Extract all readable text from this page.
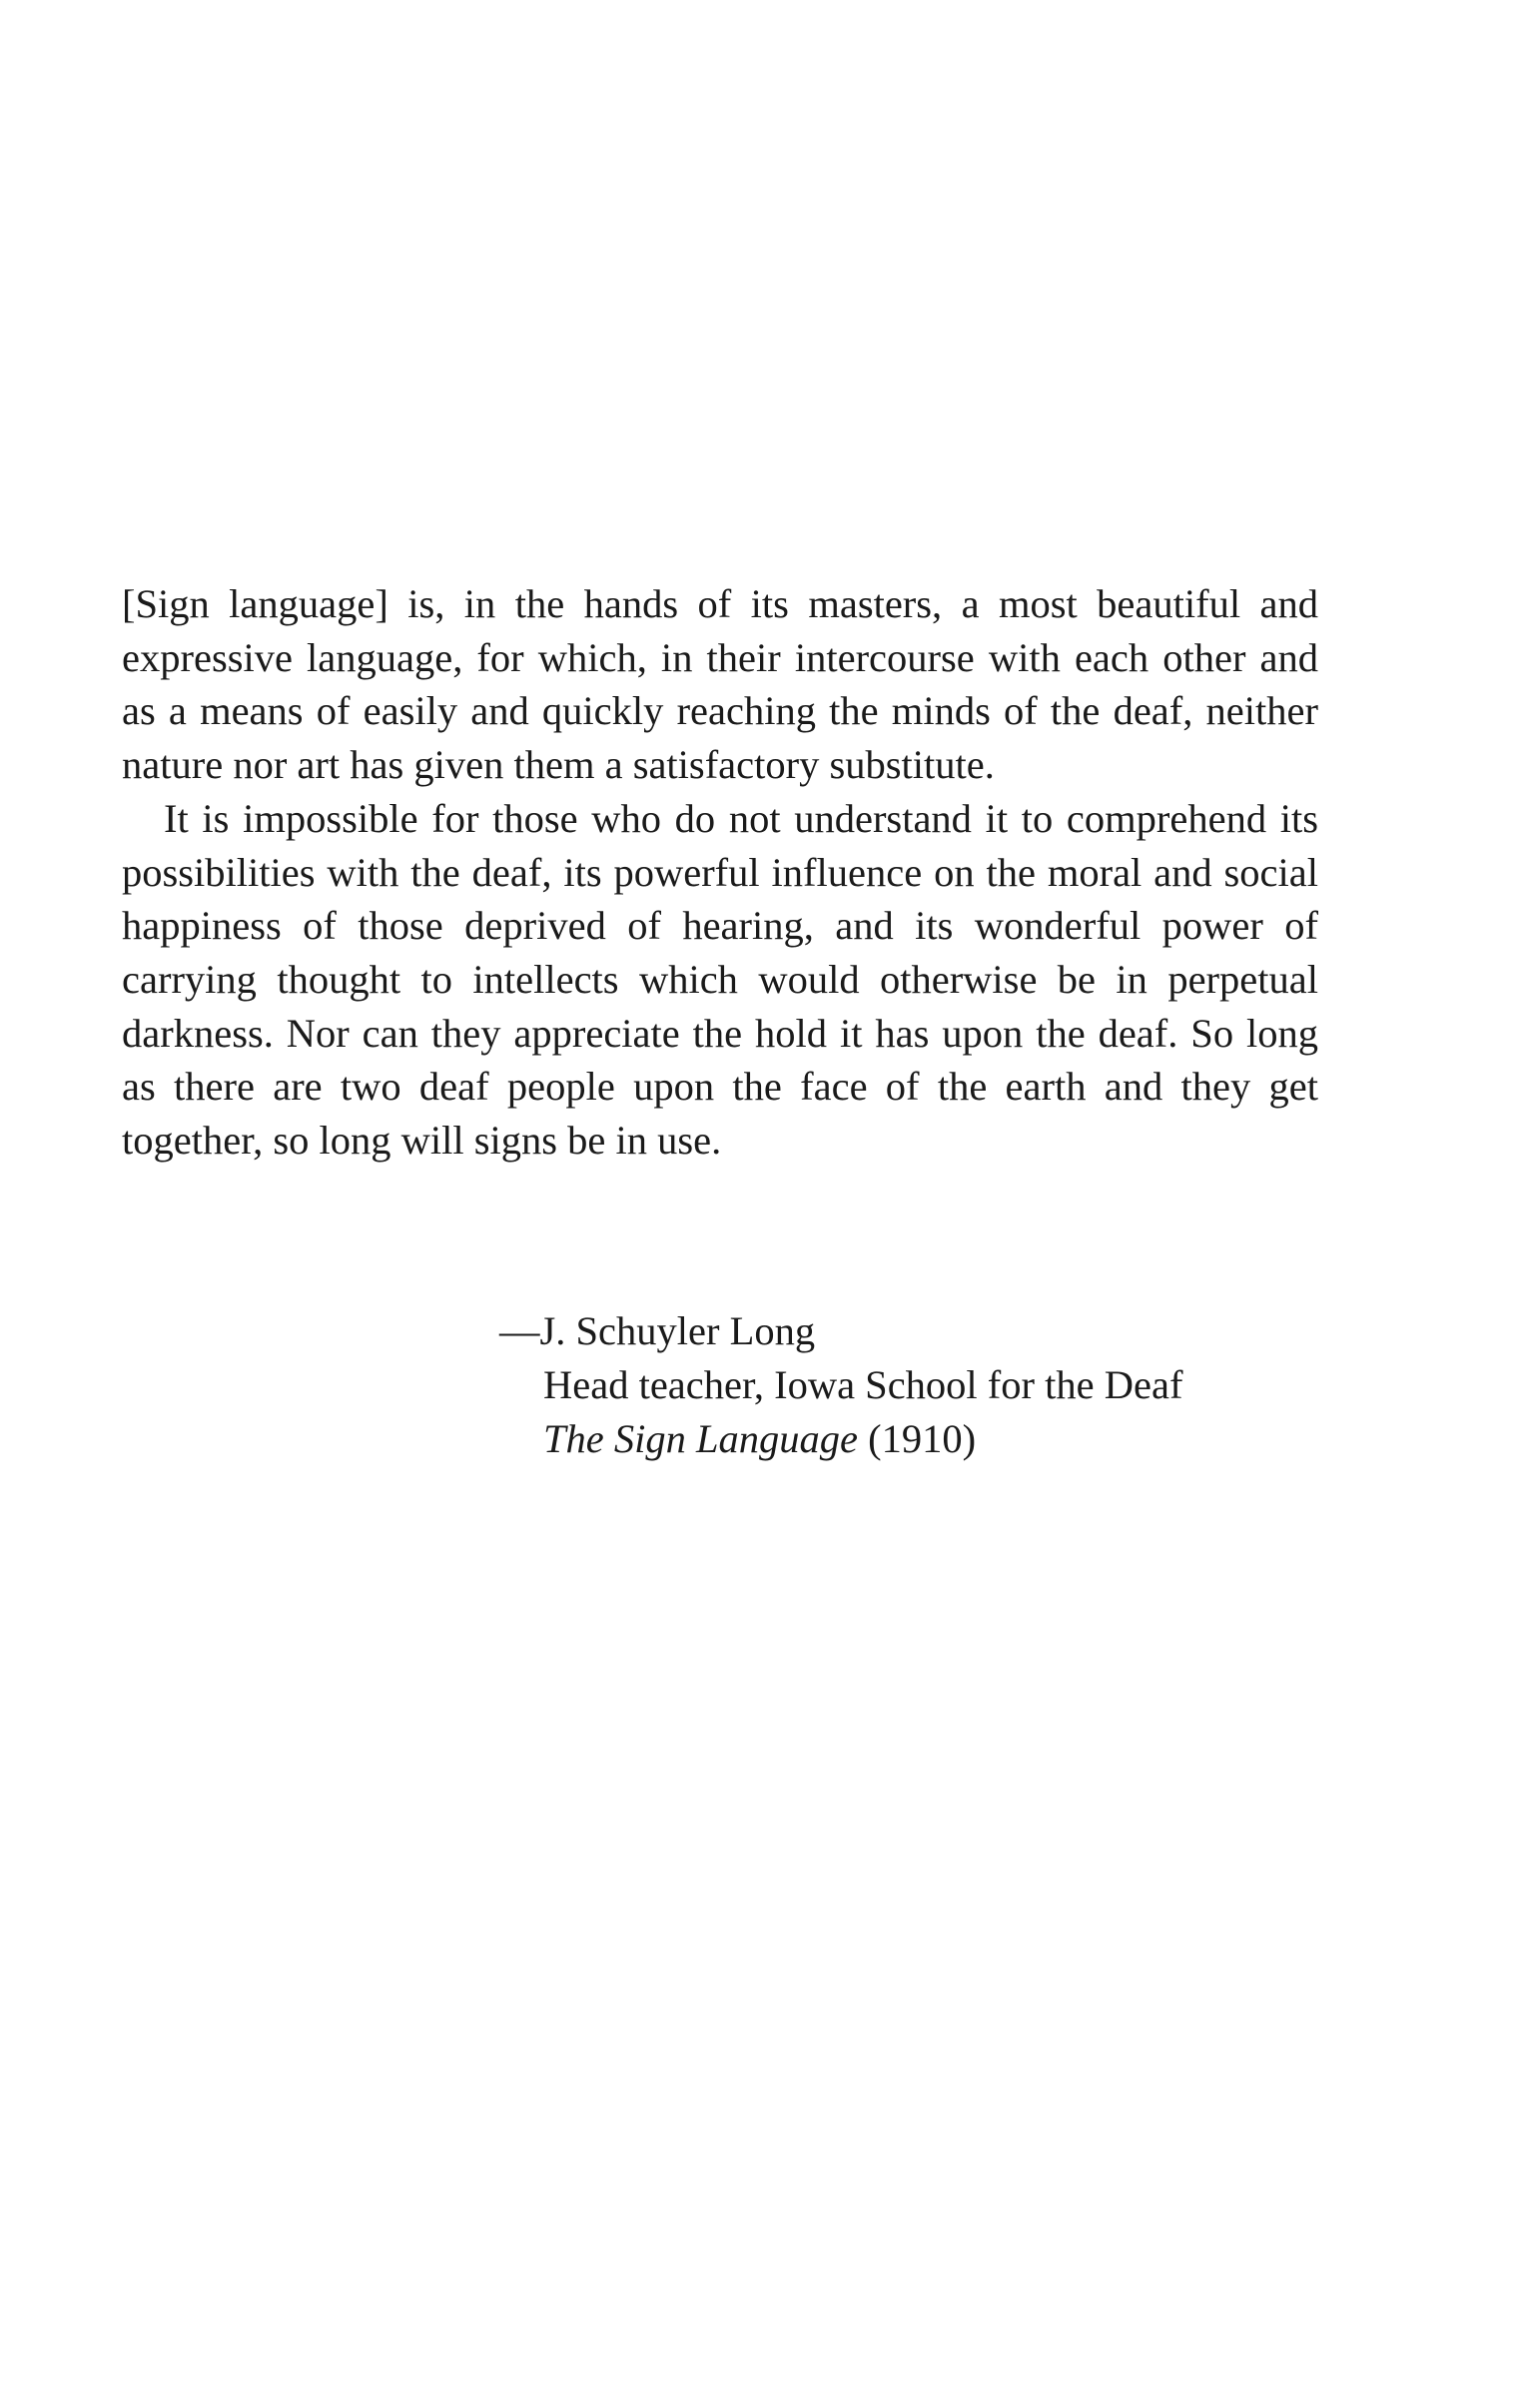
[Sign language] is, in the hands of its masters, a most beautiful and expressive language, for which, in their intercourse with each other and as a means of easily and quickly reaching the minds of the deaf, neither nature nor art has given them a satisfactory substitute.

It is impossible for those who do not understand it to comprehend its possibilities with the deaf, its powerful influence on the moral and social happiness of those deprived of hearing, and its wonderful power of carrying thought to intellects which would otherwise be in perpetual darkness. Nor can they appreciate the hold it has upon the deaf. So long as there are two deaf people upon the face of the earth and they get together, so long will signs be in use.

—J. Schuyler Long
Head teacher, Iowa School for the Deaf
The Sign Language (1910)
